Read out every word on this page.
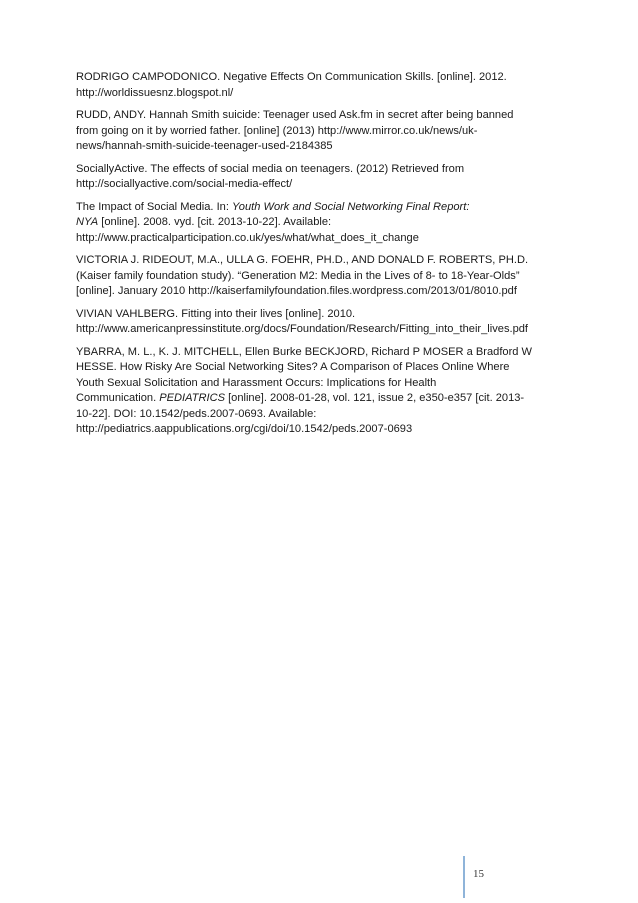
RODRIGO CAMPODONICO. Negative Effects On Communication Skills. [online]. 2012.
http://worldissuesnz.blogspot.nl/
RUDD, ANDY. Hannah Smith suicide: Teenager used Ask.fm in secret after being banned
from going on it by worried father. [online] (2013) http://www.mirror.co.uk/news/uk-
news/hannah-smith-suicide-teenager-used-2184385
SociallyActive. The effects of social media on teenagers. (2012) Retrieved from
http://sociallyactive.com/social-media-effect/
The Impact of Social Media. In: Youth Work and Social Networking Final Report:
NYA [online]. 2008. vyd. [cit. 2013-10-22]. Available:
http://www.practicalparticipation.co.uk/yes/what/what_does_it_change
VICTORIA J. RIDEOUT, M.A., ULLA G. FOEHR, PH.D., AND DONALD F. ROBERTS, PH.D.
(Kaiser family foundation study). “Generation M2: Media in the Lives of 8- to 18-Year-Olds”
[online]. January 2010 http://kaiserfamilyfoundation.files.wordpress.com/2013/01/8010.pdf
VIVIAN VAHLBERG. Fitting into their lives [online]. 2010.
http://www.americanpressinstitute.org/docs/Foundation/Research/Fitting_into_their_lives.pdf
YBARRA, M. L., K. J. MITCHELL, Ellen Burke BECKJORD, Richard P MOSER a Bradford W
HESSE. How Risky Are Social Networking Sites? A Comparison of Places Online Where
Youth Sexual Solicitation and Harassment Occurs: Implications for Health
Communication. PEDIATRICS [online]. 2008-01-28, vol. 121, issue 2, e350-e357 [cit. 2013-
10-22]. DOI: 10.1542/peds.2007-0693. Available:
http://pediatrics.aappublications.org/cgi/doi/10.1542/peds.2007-0693
15
